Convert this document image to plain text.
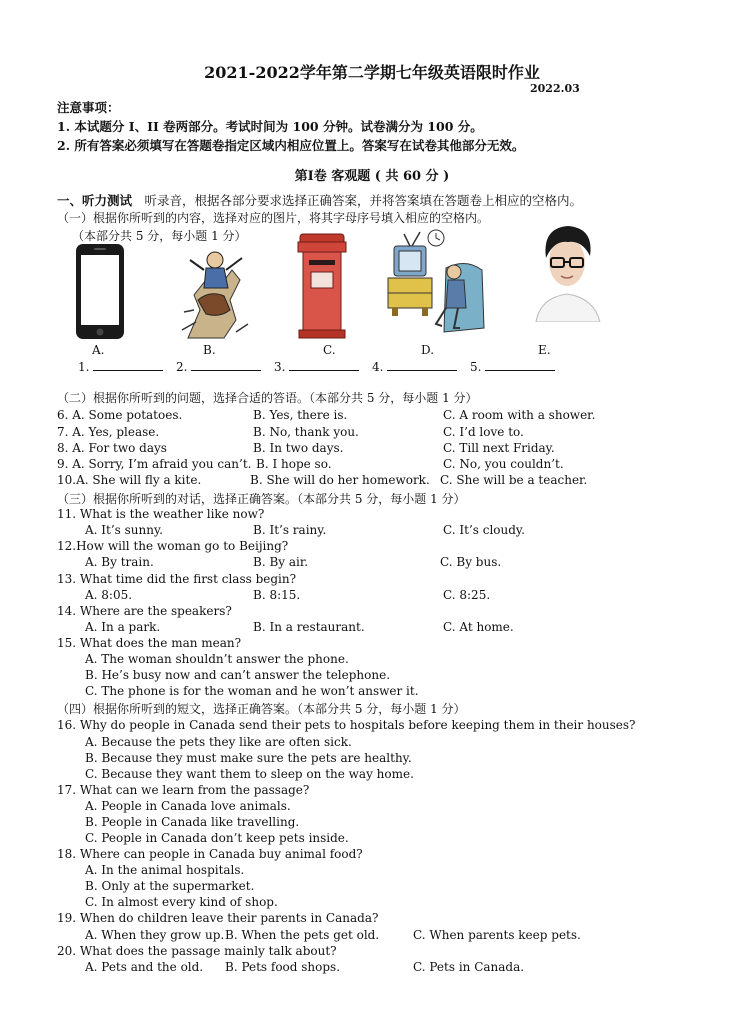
2021-2022学年第二学期七年级英语限时作业
2022.03
注意事项：
1. 本试题分 I、II 卷两部分。考试时间为 100 分钟。试卷满分为 100 分。
2. 所有答案必须填写在答题卷指定区域内相应位置上。答案写在试卷其他部分无效。
第Ⅰ卷 客观题 ( 共 60 分 )
一、听力测试　听录音，根据各部分要求选择正确答案，并将答案填在答题卷上相应的空格内。
（一）根据你所听到的内容，选择对应的图片，将其字母序号填入相应的空格内。
（本部分共 5 分，每小题 1 分）
A.	B.	C.	D.	E.
1.	2.	3.	4.	5.
（二）根据你所听到的问题，选择合适的答语。（本部分共 5 分，每小题 1 分）
6. A. Some potatoes.	B. Yes, there is.	C. A room with a shower.
7. A. Yes, please.	B. No, thank you.	C. I’d love to.
8. A. For two days	B. In two days.	C. Till next Friday.
9. A. Sorry, I’m afraid you can’t. B. I hope so.	C. No, you couldn’t.
10.A. She will fly a kite.	B. She will do her homework. C. She will be a teacher.
（三）根据你所听到的对话，选择正确答案。（本部分共 5 分，每小题 1 分）
11. What is the weather like now?
A. It’s sunny.	B. It’s rainy.	C. It’s cloudy.
12.How will the woman go to Beijing?
A. By train.	B. By air.	C. By bus.
13. What time did the first class begin?
A. 8:05.	B. 8:15.	C. 8:25.
14. Where are the speakers?
A. In a park.	B. In a restaurant.	C. At home.
15. What does the man mean?
A. The woman shouldn’t answer the phone.
B. He’s busy now and can’t answer the telephone.
C. The phone is for the woman and he won’t answer it.
（四）根据你所听到的短文，选择正确答案。（本部分共 5 分，每小题 1 分）
16. Why do people in Canada send their pets to hospitals before keeping them in their houses?
A. Because the pets they like are often sick.
B. Because they must make sure the pets are healthy.
C. Because they want them to sleep on the way home.
17. What can we learn from the passage?
A. People in Canada love animals.
B. People in Canada like travelling.
C. People in Canada don’t keep pets inside.
18. Where can people in Canada buy animal food?
A. In the animal hospitals.
B. Only at the supermarket.
C. In almost every kind of shop.
19. When do children leave their parents in Canada?
A. When they grow up. B. When the pets get old.	C. When parents keep pets.
20. What does the passage mainly talk about?
A. Pets and the old. B. Pets food shops.	C. Pets in Canada.
